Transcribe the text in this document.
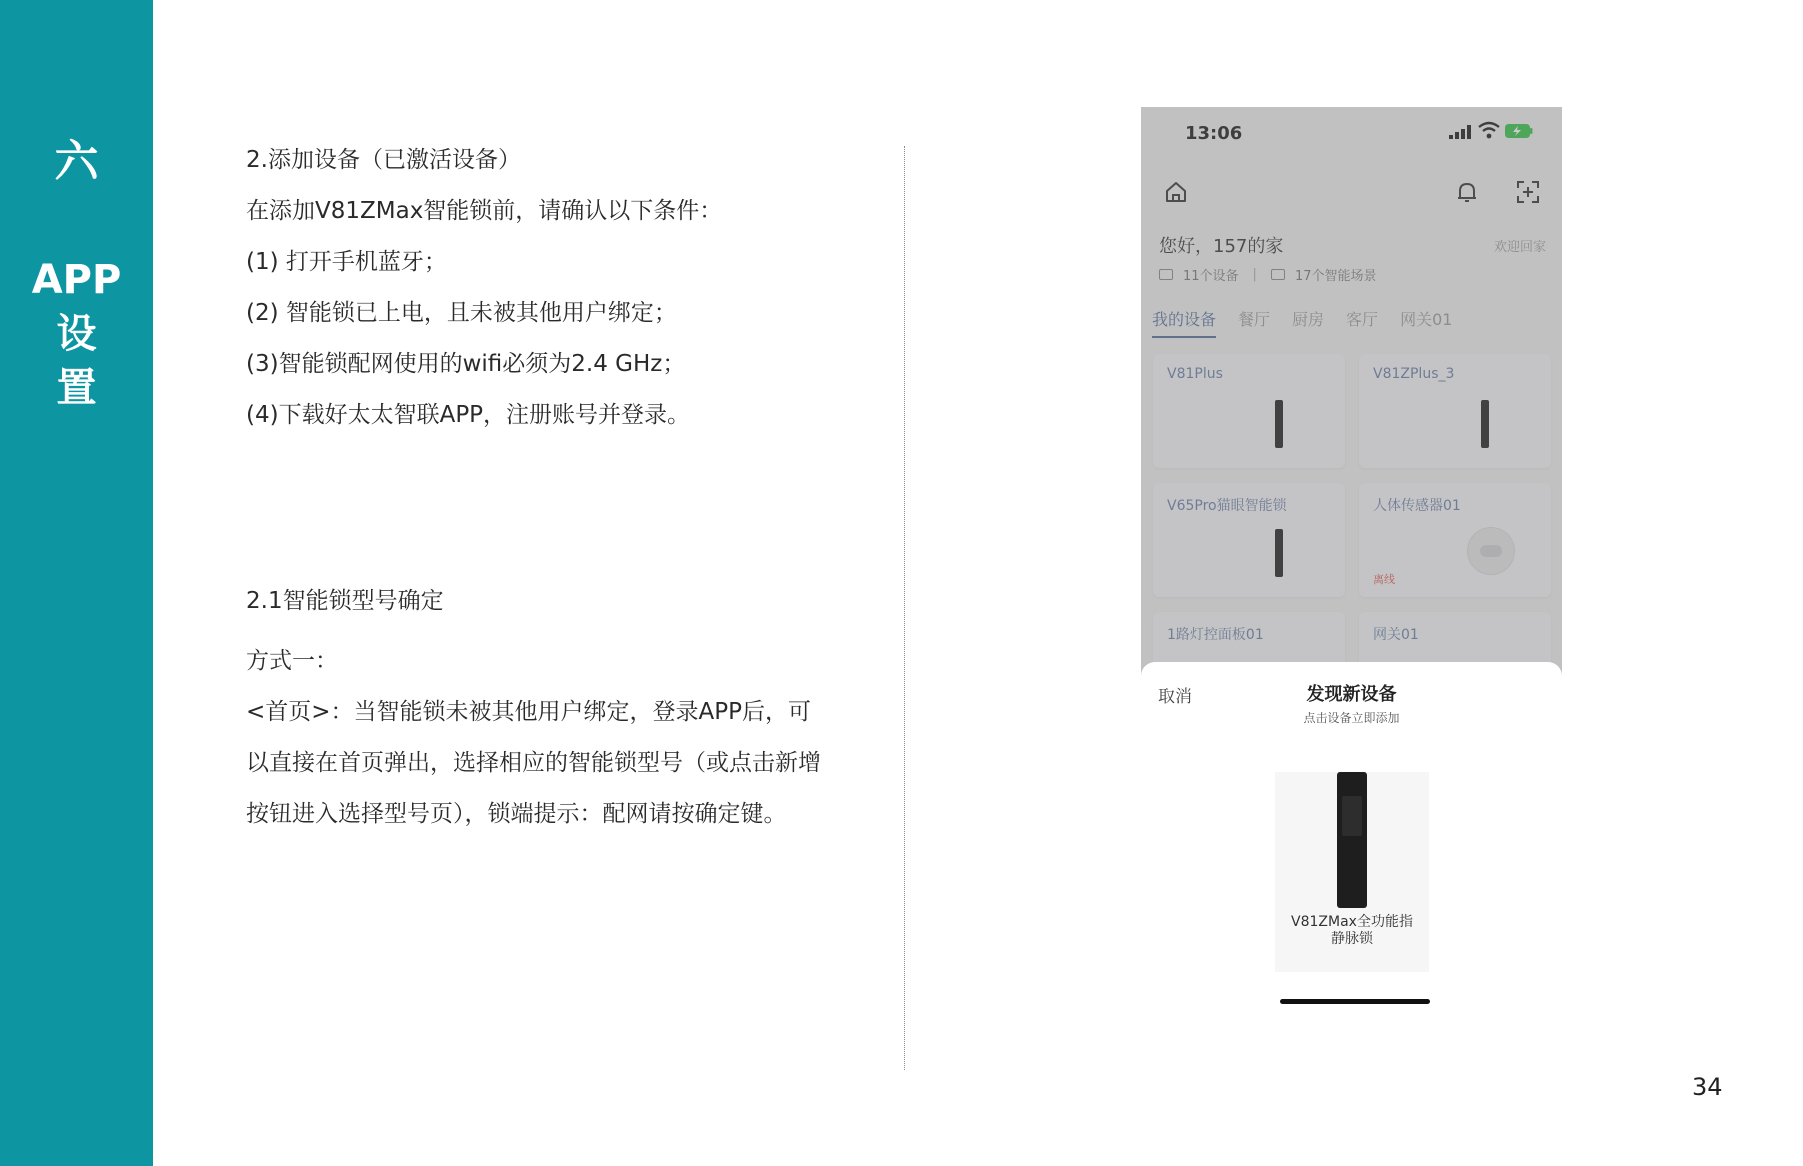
六
APP
设
置

2.添加设备（已激活设备）

在添加V81ZMax智能锁前，请确认以下条件：

(1) 打开手机蓝牙；

(2) 智能锁已上电，且未被其他用户绑定；

(3)智能锁配网使用的wifi必须为2.4 GHz；

(4)下载好太太智联APP，注册账号并登录。

2.1智能锁型号确定

方式一：

<首页>：当智能锁未被其他用户绑定，登录APP后，可

以直接在首页弹出，选择相应的智能锁型号（或点击新增

按钮进入选择型号页），锁端提示：配网请按确定键。

13:06
您好，157的家	欢迎回家
11个设备 |	17个智能场景
我的设备 餐厅 厨房 客厅 网关01
V81Plus	V81ZPlus_3
V65Pro猫眼智能锁	人体传感器01
离线
1路灯控面板01	网关01
取消	发现新设备
点击设备立即添加
V81ZMax全功能指
静脉锁
34
